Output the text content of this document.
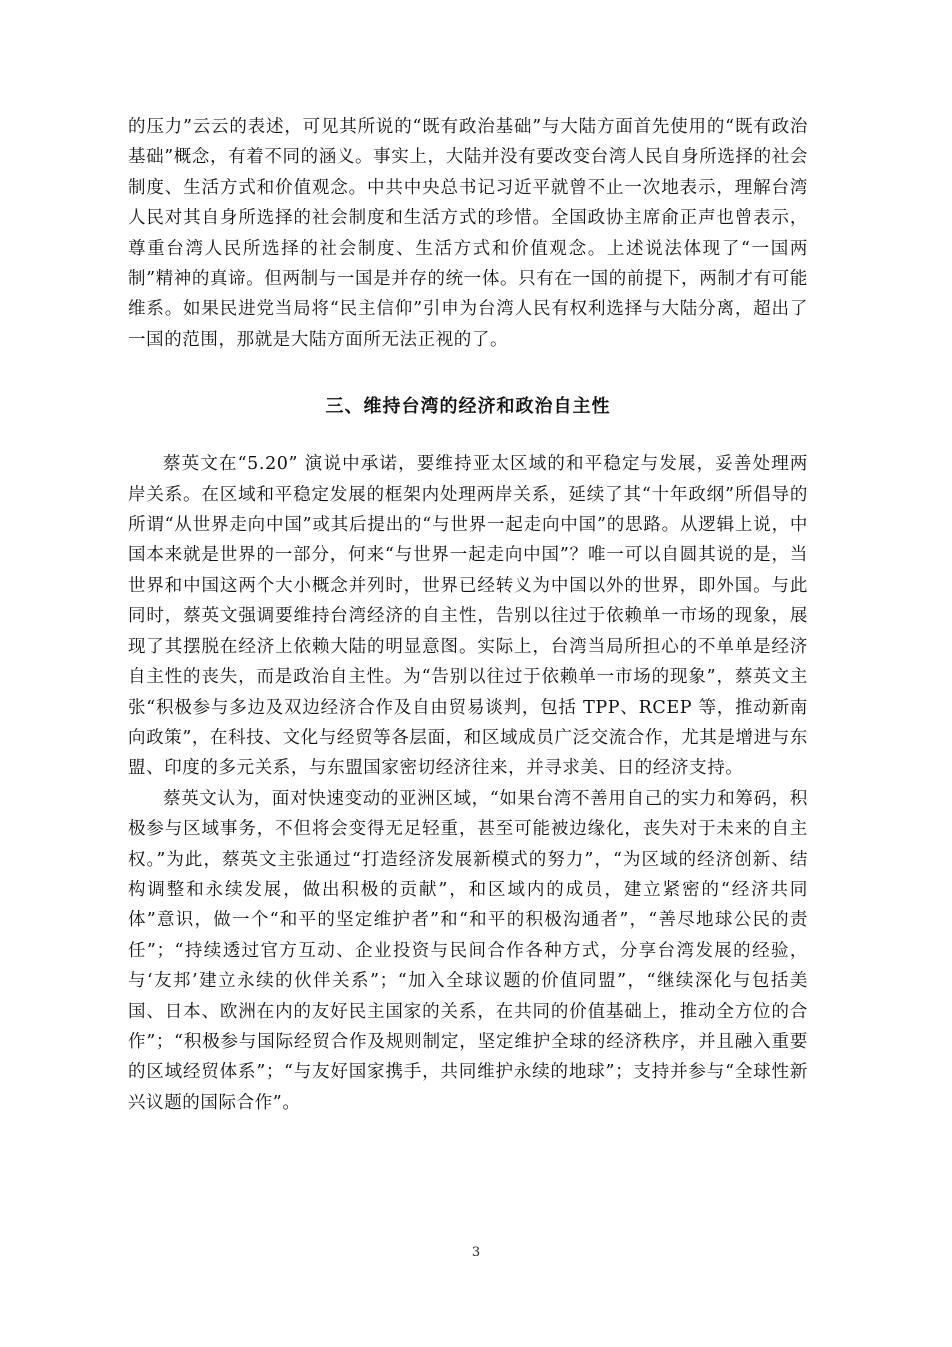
的压力”云云的表述，可见其所说的“既有政治基础”与大陆方面首先使用的“既有政治基础”概念，有着不同的涵义。事实上，大陆并没有要改变台湾人民自身所选择的社会制度、生活方式和价值观念。中共中央总书记习近平就曾不止一次地表示，理解台湾人民对其自身所选择的社会制度和生活方式的珍惜。全国政协主席俞正声也曾表示，尊重台湾人民所选择的社会制度、生活方式和价值观念。上述说法体现了“一国两制”精神的真谛。但两制与一国是并存的统一体。只有在一国的前提下，两制才有可能维系。如果民进党当局将“民主信仰”引申为台湾人民有权利选择与大陆分离，超出了一国的范围，那就是大陆方面所无法正视的了。

三、维持台湾的经济和政治自主性

蔡英文在“5.20” 演说中承诺，要维持亚太区域的和平稳定与发展，妥善处理两岸关系。在区域和平稳定发展的框架内处理两岸关系，延续了其“十年政纲”所倡导的所谓“从世界走向中国”或其后提出的“与世界一起走向中国”的思路。从逻辑上说，中国本来就是世界的一部分，何来“与世界一起走向中国”？唯一可以自圆其说的是，当世界和中国这两个大小概念并列时，世界已经转义为中国以外的世界，即外国。与此同时，蔡英文强调要维持台湾经济的自主性，告别以往过于依赖单一市场的现象，展现了其摆脱在经济上依赖大陆的明显意图。实际上，台湾当局所担心的不单单是经济自主性的丧失，而是政治自主性。为“告别以往过于依赖单一市场的现象”，蔡英文主张“积极参与多边及双边经济合作及自由贸易谈判，包括 TPP、RCEP 等，推动新南向政策”，在科技、文化与经贸等各层面，和区域成员广泛交流合作，尤其是增进与东盟、印度的多元关系，与东盟国家密切经济往来，并寻求美、日的经济支持。

蔡英文认为，面对快速变动的亚洲区域，“如果台湾不善用自己的实力和筹码，积极参与区域事务，不但将会变得无足轻重，甚至可能被边缘化，丧失对于未来的自主权。”为此，蔡英文主张通过“打造经济发展新模式的努力”，“为区域的经济创新、结构调整和永续发展，做出积极的贡献”，和区域内的成员，建立紧密的“经济共同体”意识，做一个“和平的坚定维护者”和“和平的积极沟通者”，“善尽地球公民的责任”；“持续透过官方互动、企业投资与民间合作各种方式，分享台湾发展的经验，与‘友邦’建立永续的伙伴关系”；“加入全球议题的价值同盟”，“继续深化与包括美国、日本、欧洲在内的友好民主国家的关系，在共同的价值基础上，推动全方位的合作”；“积极参与国际经贸合作及规则制定，坚定维护全球的经济秩序，并且融入重要的区域经贸体系”；“与友好国家携手，共同维护永续的地球”；支持并参与“全球性新兴议题的国际合作”。

3
